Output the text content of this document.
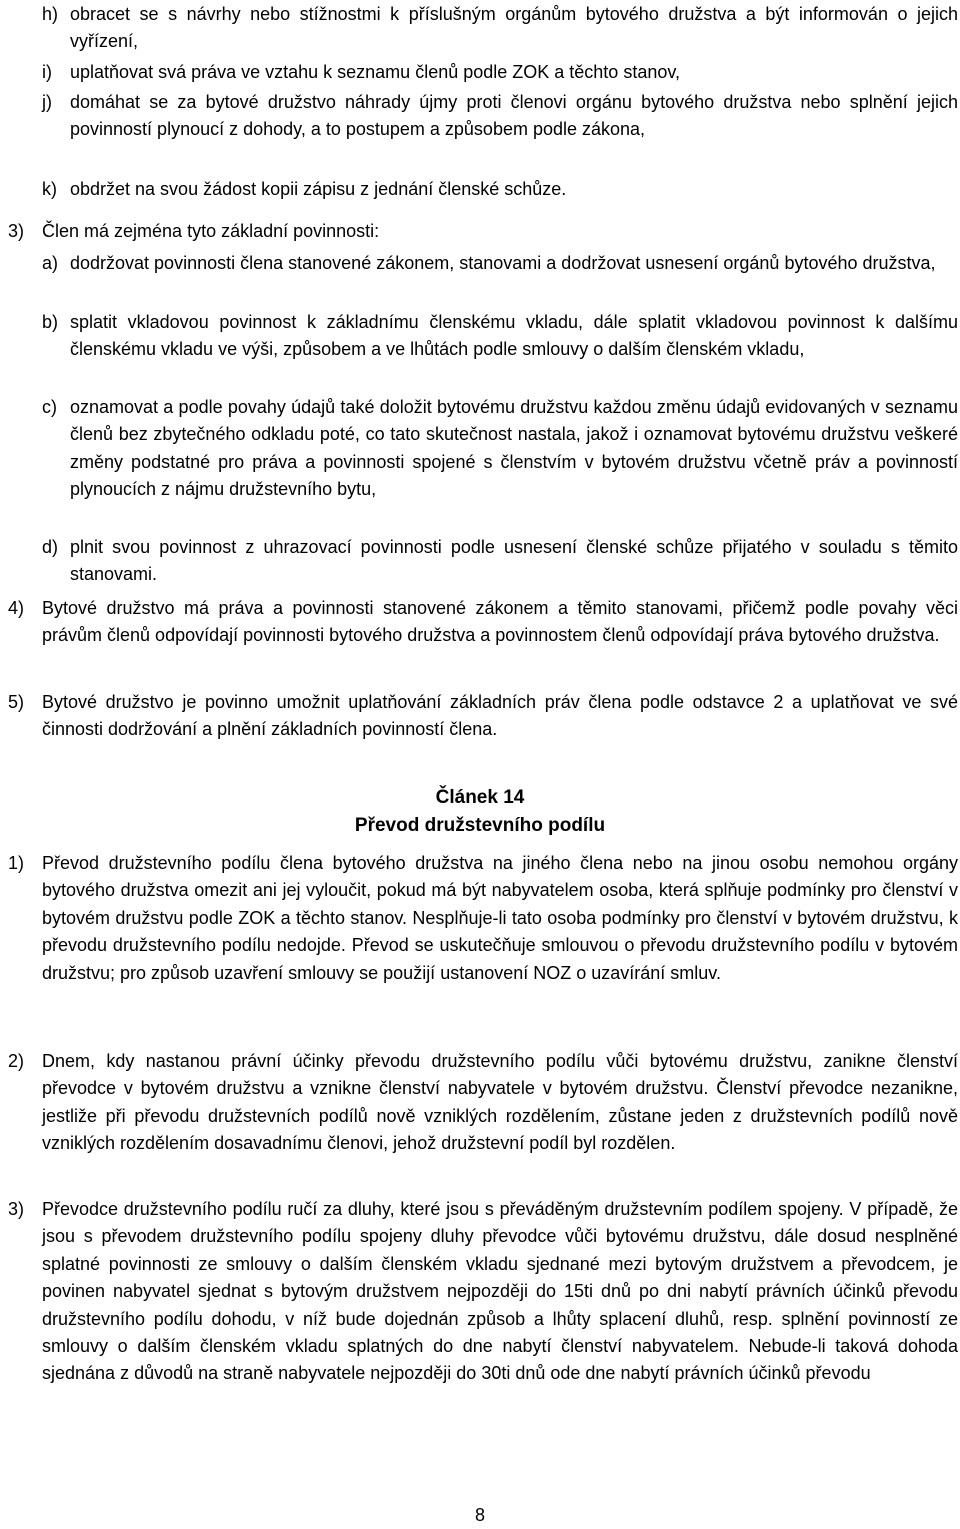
h) obracet se s návrhy nebo stížnostmi k příslušným orgánům bytového družstva a být informován o jejich vyřízení,
i) uplatňovat svá práva ve vztahu k seznamu členů podle ZOK a těchto stanov,
j) domáhat se za bytové družstvo náhrady újmy proti členovi orgánu bytového družstva nebo splnění jejich povinností plynoucí z dohody, a to postupem a způsobem podle zákona,
k) obdržet na svou žádost kopii zápisu z jednání členské schůze.
3) Člen má zejména tyto základní povinnosti:
a) dodržovat povinnosti člena stanovené zákonem, stanovami a dodržovat usnesení orgánů bytového družstva,
b) splatit vkladovou povinnost k základnímu členskému vkladu, dále splatit vkladovou povinnost k dalšímu členskému vkladu ve výši, způsobem a ve lhůtách podle smlouvy o dalším členském vkladu,
c) oznamovat a podle povahy údajů také doložit bytovému družstvu každou změnu údajů evidovaných v seznamu členů bez zbytečného odkladu poté, co tato skutečnost nastala, jakož i oznamovat bytovému družstvu veškeré změny podstatné pro práva a povinnosti spojené s členstvím v bytovém družstvu včetně práv a povinností plynoucích z nájmu družstevního bytu,
d) plnit svou povinnost z uhrazovací povinnosti podle usnesení členské schůze přijatého v souladu s těmito stanovami.
4) Bytové družstvo má práva a povinnosti stanovené zákonem a těmito stanovami, přičemž podle povahy věci právům členů odpovídají povinnosti bytového družstva a povinnostem členů odpovídají práva bytového družstva.
5) Bytové družstvo je povinno umožnit uplatňování základních práv člena podle odstavce 2 a uplatňovat ve své činnosti dodržování a plnění základních povinností člena.
Článek 14
Převod družstevního podílu
1) Převod družstevního podílu člena bytového družstva na jiného člena nebo na jinou osobu nemohou orgány bytového družstva omezit ani jej vyloučit, pokud má být nabyvatelem osoba, která splňuje podmínky pro členství v bytovém družstvu podle ZOK a těchto stanov. Nesplňuje-li tato osoba podmínky pro členství v bytovém družstvu, k převodu družstevního podílu nedojde. Převod se uskutečňuje smlouvou o převodu družstevního podílu v bytovém družstvu; pro způsob uzavření smlouvy se použijí ustanovení NOZ o uzavírání smluv.
2) Dnem, kdy nastanou právní účinky převodu družstevního podílu vůči bytovému družstvu, zanikne členství převodce v bytovém družstvu a vznikne členství nabyvatele v bytovém družstvu. Členství převodce nezanikne, jestliže při převodu družstevních podílů nově vzniklých rozdělením, zůstane jeden z družstevních podílů nově vzniklých rozdělením dosavadnímu členovi, jehož družstevní podíl byl rozdělen.
3) Převodce družstevního podílu ručí za dluhy, které jsou s převáděným družstevním podílem spojeny. V případě, že jsou s převodem družstevního podílu spojeny dluhy převodce vůči bytovému družstvu, dále dosud nesplněné splatné povinnosti ze smlouvy o dalším členském vkladu sjednané mezi bytovým družstvem a převodcem, je povinen nabyvatel sjednat s bytovým družstvem nejpozději do 15ti dnů po dni nabytí právních účinků převodu družstevního podílu dohodu, v níž bude dojednán způsob a lhůty splacení dluhů, resp. splnění povinností ze smlouvy o dalším členském vkladu splatných do dne nabytí členství nabyvatelem. Nebude-li taková dohoda sjednána z důvodů na straně nabyvatele nejpozději do 30ti dnů ode dne nabytí právních účinků převodu
8
